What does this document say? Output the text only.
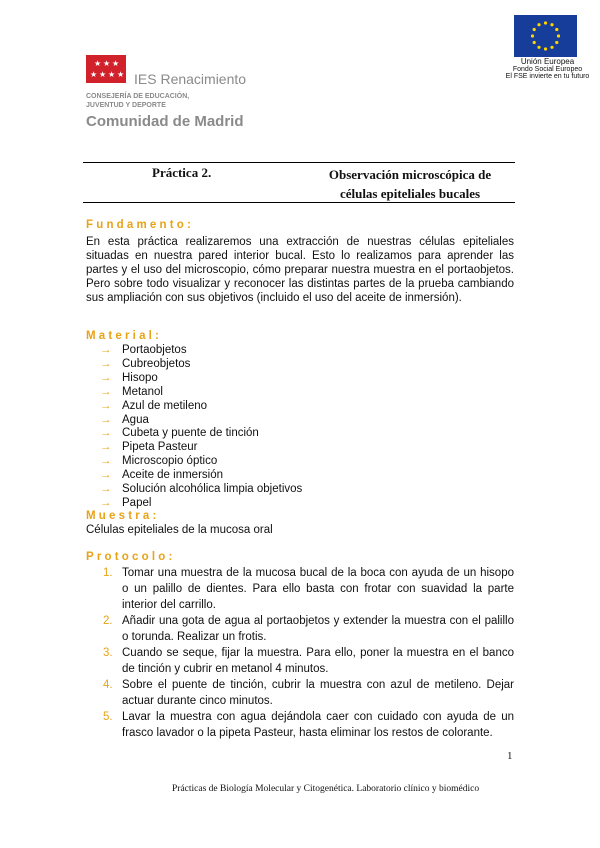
★ ★ ★
★ ★ ★ ★ IES Renacimiento
CONSEJERÍA DE EDUCACIÓN, JUVENTUD Y DEPORTE
Comunidad de Madrid
Unión Europea
Fondo Social Europeo
El FSE invierte en tu futuro
Práctica 2.	Observación microscópica de
células epiteliales bucales
Fundamento:
En esta práctica realizaremos una extracción de nuestras células epiteliales situadas en nuestra pared interior bucal. Esto lo realizamos para aprender las partes y el uso del microscopio, cómo preparar nuestra muestra en el portaobjetos. Pero sobre todo visualizar y reconocer las distintas partes de la prueba cambiando sus ampliación con sus objetivos (incluido el uso del aceite de inmersión).
Material:
→ Portaobjetos
→ Cubreobjetos
→ Hisopo
→ Metanol
→ Azul de metileno
→ Agua
→ Cubeta y puente de tinción
→ Pipeta Pasteur
→ Microscopio óptico
→ Aceite de inmersión
→ Solución alcohólica limpia objetivos
→ Papel
Muestra:
Células epiteliales de la mucosa oral
Protocolo:
1. Tomar una muestra de la mucosa bucal de la boca con ayuda de un hisopo o un palillo de dientes. Para ello basta con frotar con suavidad la parte interior del carrillo.
2. Añadir una gota de agua al portaobjetos y extender la muestra con el palillo o torunda. Realizar un frotis.
3. Cuando se seque, fijar la muestra. Para ello, poner la muestra en el banco de tinción y cubrir en metanol 4 minutos.
4. Sobre el puente de tinción, cubrir la muestra con azul de metileno. Dejar actuar durante cinco minutos.
5. Lavar la muestra con agua dejándola caer con cuidado con ayuda de un frasco lavador o la pipeta Pasteur, hasta eliminar los restos de colorante.
1
Prácticas de Biología Molecular y Citogenética. Laboratorio clínico y biomédico
